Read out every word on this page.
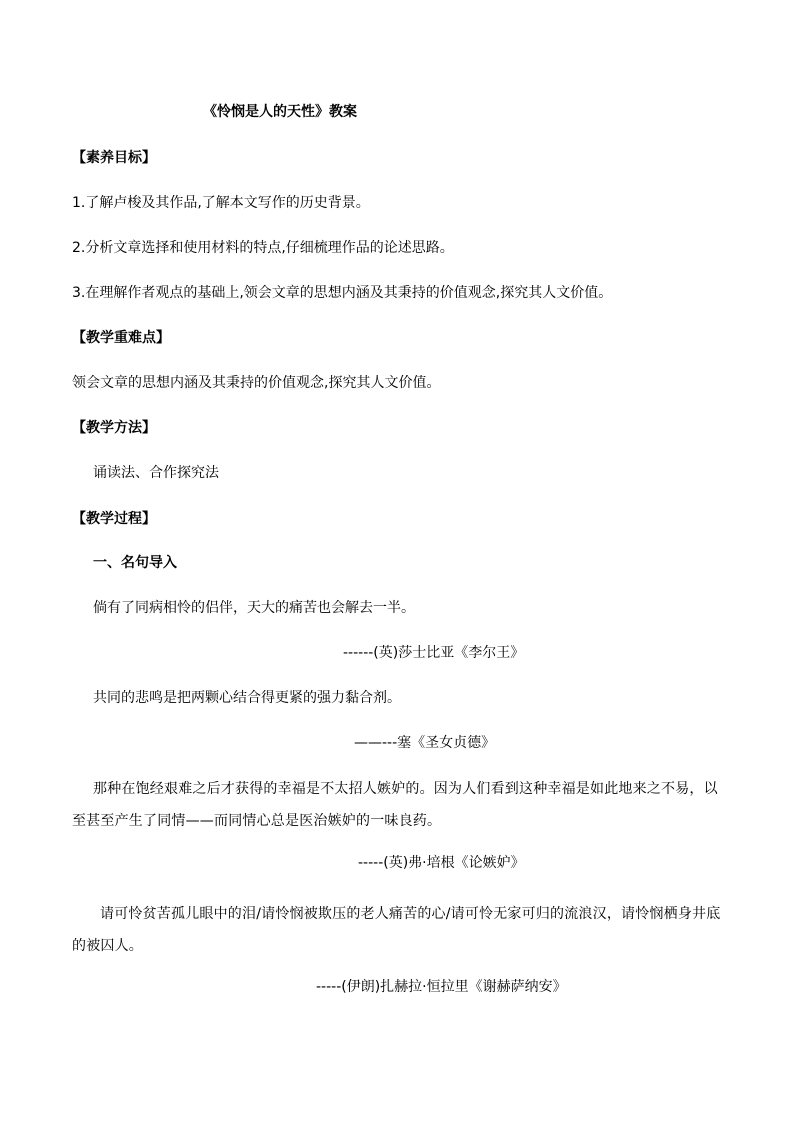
《怜悯是人的天性》教案
【素养目标】
1.了解卢梭及其作品,了解本文写作的历史背景。
2.分析文章选择和使用材料的特点,仔细梳理作品的论述思路。
3.在理解作者观点的基础上,领会文章的思想内涵及其秉持的价值观念,探究其人文价值。
【教学重难点】
领会文章的思想内涵及其秉持的价值观念,探究其人文价值。
【教学方法】
诵读法、合作探究法
【教学过程】
一、名句导入
倘有了同病相怜的侣伴，天大的痛苦也会解去一半。
------(英)莎士比亚《李尔王》
共同的悲鸣是把两颗心结合得更紧的强力黏合剂。
——---塞《圣女贞德》

那种在饱经艰难之后才获得的幸福是不太招人嫉妒的。因为人们看到这种幸福是如此地来之不易，以至甚至产生了同情——而同情心总是医治嫉妒的一味良药。

-----(英)弗·培根《论嫉妒》

请可怜贫苦孤儿眼中的泪/请怜悯被欺压的老人痛苦的心/请可怜无家可归的流浪汉，请怜悯栖身井底的被囚人。

-----(伊朗)扎赫拉·恒拉里《谢赫萨纳安》
